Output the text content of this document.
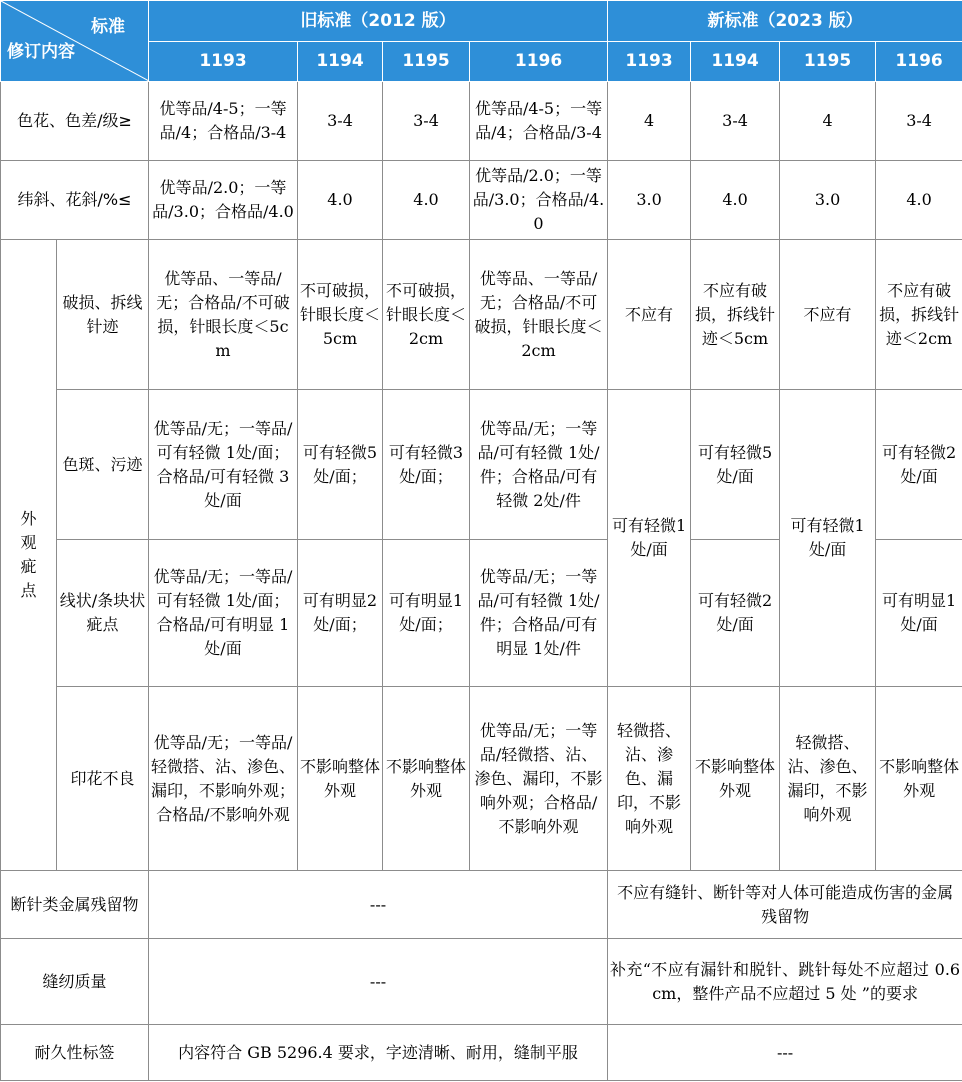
标准
修订内容		旧标准（2012 版）				新标准（2023 版）			
		1193	1194	1195	1196	1193	1194	1195	1196
色花、色差/级≥		优等品/4-5；一等品/4；合格品/3-4	3-4	3-4	优等品/4-5；一等品/4；合格品/3-4	4	3-4	4	3-4
纬斜、花斜/%≤		优等品/2.0；一等品/3.0；合格品/4.0	4.0	4.0	优等品/2.0；一等品/3.0；合格品/4.0	3.0	4.0	3.0	4.0

外观疵点	破损、拆线针迹	优等品、一等品/无；合格品/不可破损，针眼长度＜5cm	不可破损，针眼长度＜5cm	不可破损，针眼长度＜2cm	优等品、一等品/无；合格品/不可破损，针眼长度＜2cm	不应有	不应有破损，拆线针迹＜5cm	不应有	不应有破损，拆线针迹＜2cm
	色斑、污迹	优等品/无；一等品/可有轻微 1处/面；合格品/可有轻微 3处/面	可有轻微5处/面；	可有轻微3处/面；	优等品/无；一等品/可有轻微 1处/件；合格品/可有轻微 2处/件	可有轻微1处/面	可有轻微5处/面	可有轻微1处/面	可有轻微2处/面
	线状/条块状疵点	优等品/无；一等品/可有轻微 1处/面；合格品/可有明显 1处/面	可有明显2处/面；	可有明显1处/面；	优等品/无；一等品/可有轻微 1处/件；合格品/可有明显 1处/件		可有轻微2处/面		可有明显1处/面
	印花不良	优等品/无；一等品/轻微搭、沾、渗色、漏印，不影响外观；合格品/不影响外观	不影响整体外观	不影响整体外观	优等品/无；一等品/轻微搭、沾、渗色、漏印，不影响外观；合格品/不影响外观	轻微搭、沾、渗色、漏印，不影响外观	不影响整体外观	轻微搭、沾、渗色、漏印，不影响外观	不影响整体外观
断针类金属残留物		---				不应有缝针、断针等对人体可能造成伤害的金属残留物			
缝纫质量		---				补充“不应有漏针和脱针、跳针每处不应超过 0.6cm，整件产品不应超过 5 处 ”的要求			
耐久性标签		内容符合 GB 5296.4 要求，字迹清晰、耐用，缝制平服				---			
